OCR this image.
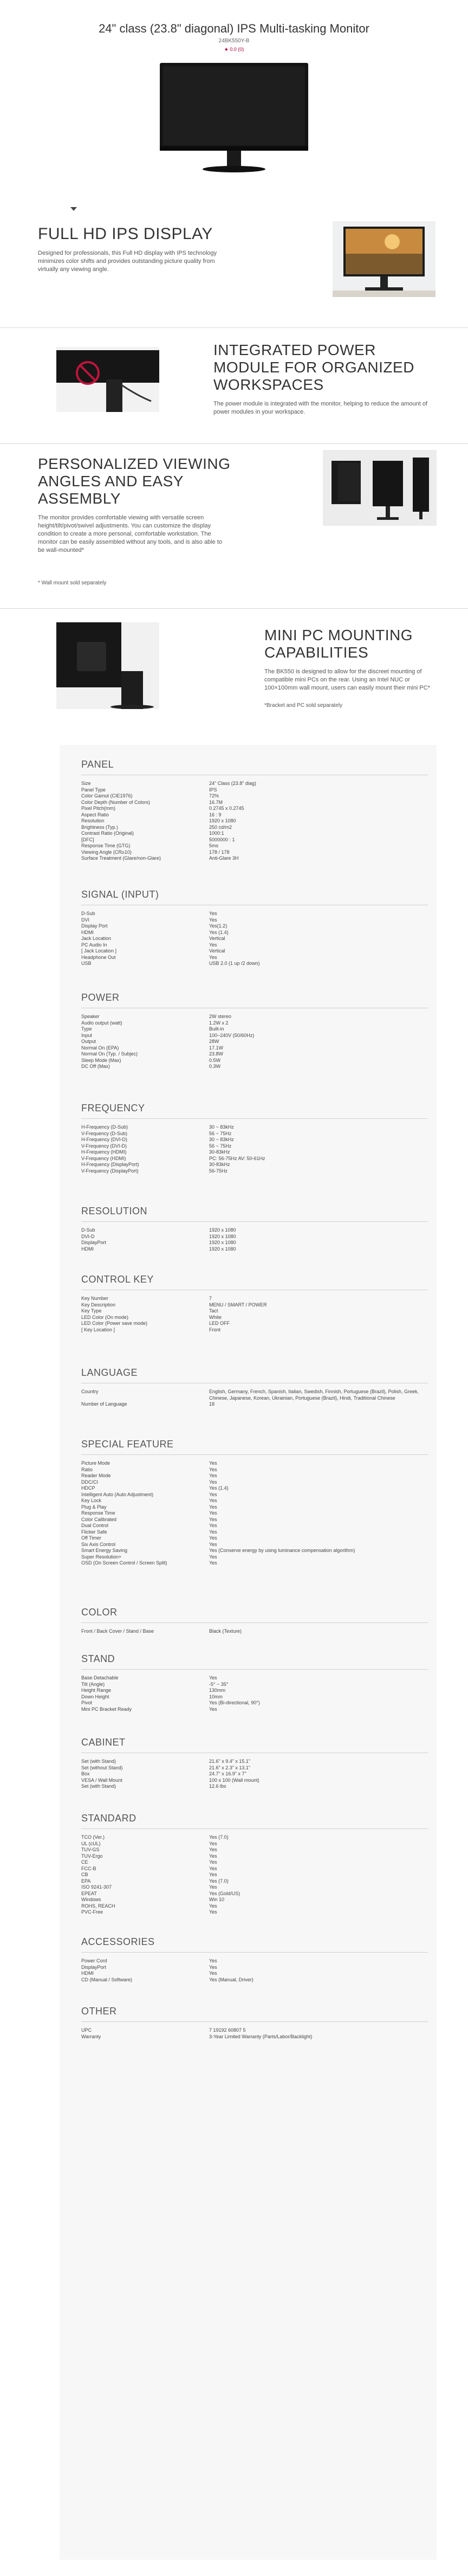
24" class (23.8" diagonal) IPS Multi-tasking Monitor
24BK550Y-B
★ 0.0 (0)
FULL HD IPS DISPLAY
Designed for professionals, this Full HD display with IPS technology minimizes color shifts and provides outstanding picture quality from virtually any viewing angle.
INTEGRATED POWER
MODULE FOR ORGANIZED
WORKSPACES
The power module is integrated with the monitor, helping to reduce the amount of power modules in your workspace.
PERSONALIZED VIEWING
ANGLES AND EASY
ASSEMBLY
The monitor provides comfortable viewing with versatile screen height/tilt/pivot/swivel adjustments. You can customize the display condition to create a more personal, comfortable workstation. The monitor can be easily assembled without any tools, and is also able to be wall-mounted*
* Wall mount sold separately
MINI PC MOUNTING
CAPABILITIES
The BK550 is designed to allow for the discreet mounting of compatible mini PCs on the rear. Using an Intel NUC or 100×100mm wall mount, users can easily mount their mini PC*
*Bracket and PC sold separately
PANEL
Size	24" Class (23.8" diag)
Panel Type	IPS
Color Gamut (CIE1976)	72%
Color Depth (Number of Colors)	16.7M
Pixel Pitch(mm)	0.2745 x 0.2745
Aspect Ratio	16 : 9
Resolution	1920 x 1080
Brightness (Typ.)	250 cd/m2
Contrast Ratio (Original)	1000:1
[DFC]	5000000 : 1
Response Time (GTG)	5ms
Viewing Angle (CR≥10)	178 / 178
Surface Treatment (Glare/non-Glare)	Anti-Glare 3H
SIGNAL (INPUT)
D-Sub	Yes
DVI	Yes
Display Port	Yes(1.2)
HDMI	Yes (1.4)
Jack Location	Vertical
PC Audio In	Yes
[ Jack Location ]	Vertical
Headphone Out	Yes
USB	USB 2.0 (1 up /2 down)
POWER
Speaker	2W stereo
Audio output (watt)	1.2W x 2
Type	Built-in
Input	100~240V (50/60Hz)
Output	28W
Normal On (EPA)	17.1W
Normal On (Typ. / Subjec)	23.8W
Sleep Mode (Max)	0.5W
DC Off (Max)	0.3W
FREQUENCY
H-Frequency (D-Sub)	30 ~ 83kHz
V-Frequency (D-Sub)	56 ~ 75Hz
H-Frequency (DVI-D)	30 ~ 83kHz
V-Frequency (DVI-D)	56 ~ 75Hz
H-Frequency (HDMI)	30-83kHz
V-Frequency (HDMI)	PC: 56-75Hz AV: 50-61Hz
H-Frequency (DisplayPort)	30-83kHz
V-Frequency (DisplayPort)	56-75Hz
RESOLUTION
D-Sub	1920 x 1080
DVI-D	1920 x 1080
DisplayPort	1920 x 1080
HDMI	1920 x 1080
CONTROL KEY
Key Number	7
Key Description	MENU / SMART / POWER
Key Type	Tact
LED Color (On mode)	White
LED Color (Power save mode)	LED OFF
[ Key Location ]	Front
LANGUAGE
Country	English, Germany, French, Spanish, Italian, Swedish, Finnish, Portuguese (Brazil), Polish, Greek, Chinese, Japanese, Korean, Ukrainian, Portuguese (Brazil), Hindi, Traditional Chinese
Number of Language	18
SPECIAL FEATURE
Picture Mode	Yes
Ratio	Yes
Reader Mode	Yes
DDC/CI	Yes
HDCP	Yes (1.4)
Intelligent Auto (Auto Adjustment)	Yes
Key Lock	Yes
Plug & Play	Yes
Response Time	Yes
Color Calibrated	Yes
Dual Control	Yes
Flicker Safe	Yes
Off Timer	Yes
Six Axis Control	Yes
Smart Energy Saving	Yes (Conserve energy by using luminance compensation algorithm)
Super Resolution+	Yes
OSD (On Screen Control / Screen Split)	Yes
COLOR
Front / Back Cover / Stand / Base	Black (Texture)
STAND
Base Detachable	Yes
Tilt (Angle)	-5° ~ 35°
Height Range	130mm
Down Height	10mm
Pivot	Yes (Bi-directional, 90°)
Mini PC Bracket Ready	Yes
CABINET
Set (with Stand)	21.6" x 9.4" x 15.1"
Set (without Stand)	21.6" x 2.3" x 13.1"
Box	24.7" x 16.9" x 7"
VESA / Wall Mount	100 x 100 (Wall mount)
Set (with Stand)	12.6 lbs
STANDARD
TCO (Ver.)	Yes (7.0)
UL (cUL)	Yes
TUV-GS	Yes
TUV-Ergo	Yes
CE	Yes
FCC-B	Yes
CB	Yes
EPA	Yes (7.0)
ISO 9241-307	Yes
EPEAT	Yes (Gold/US)
Windows	Win 10
ROHS, REACH	Yes
PVC-Free	Yes
ACCESSORIES
Power Cord	Yes
DisplayPort	Yes
HDMI	Yes
CD (Manual / Software)	Yes (Manual, Driver)
OTHER
UPC	7 19192 60807 5
Warranty	3-Year Limited Warranty (Parts/Labor/Backlight)
